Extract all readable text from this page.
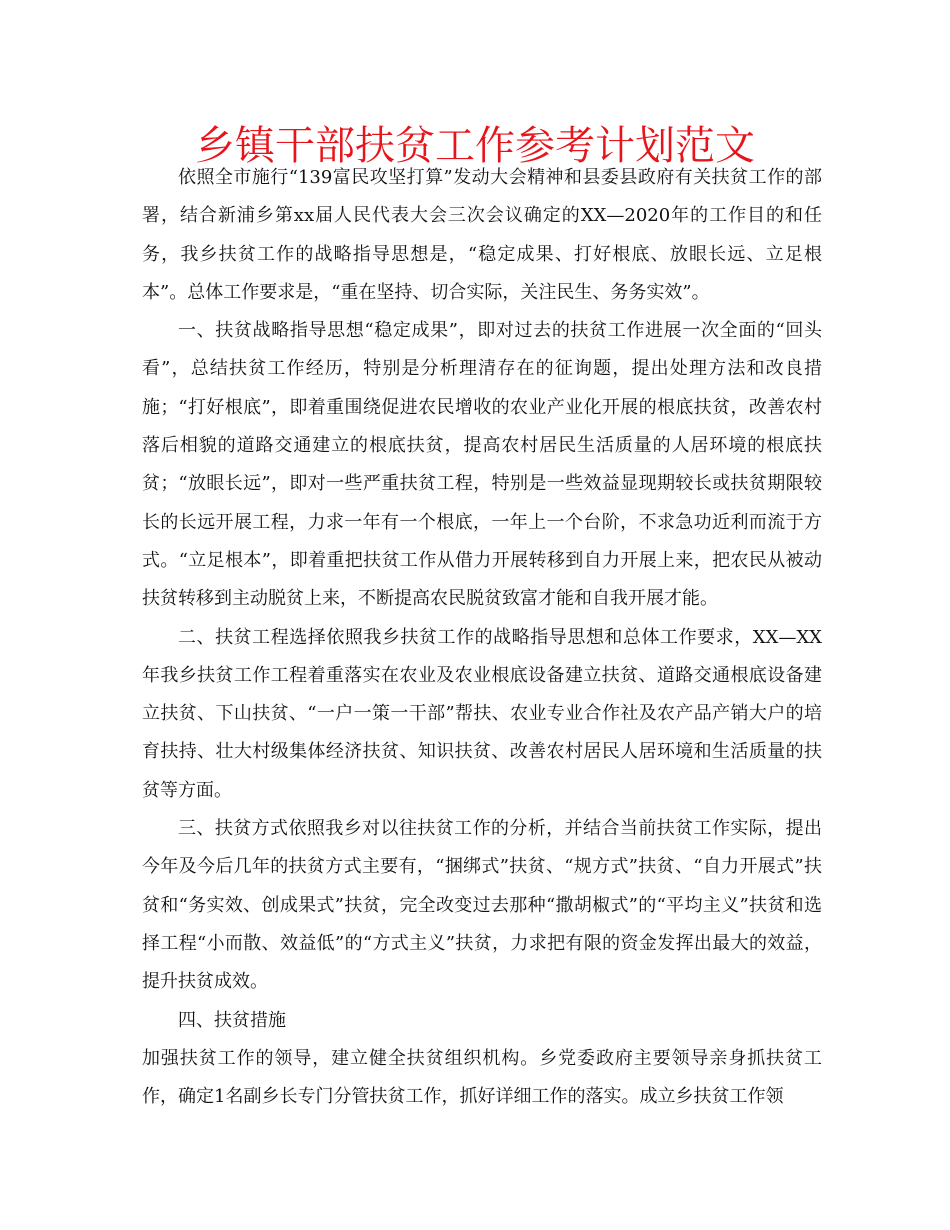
乡镇干部扶贫工作参考计划范文

依照全市施行“139富民攻坚打算”发动大会精神和县委县政府有关扶贫工作的部署，结合新浦乡第xx届人民代表大会三次会议确定的XX—2020年的工作目的和任务，我乡扶贫工作的战略指导思想是，“稳定成果、打好根底、放眼长远、立足根本”。总体工作要求是，“重在坚持、切合实际，关注民生、务务实效”。

一、扶贫战略指导思想“稳定成果”，即对过去的扶贫工作进展一次全面的“回头看”，总结扶贫工作经历，特别是分析理清存在的征询题，提出处理方法和改良措施；“打好根底”，即着重围绕促进农民增收的农业产业化开展的根底扶贫，改善农村落后相貌的道路交通建立的根底扶贫，提高农村居民生活质量的人居环境的根底扶贫；“放眼长远”，即对一些严重扶贫工程，特别是一些效益显现期较长或扶贫期限较长的长远开展工程，力求一年有一个根底，一年上一个台阶，不求急功近利而流于方式。“立足根本”，即着重把扶贫工作从借力开展转移到自力开展上来，把农民从被动扶贫转移到主动脱贫上来，不断提高农民脱贫致富才能和自我开展才能。

二、扶贫工程选择依照我乡扶贫工作的战略指导思想和总体工作要求，XX—XX年我乡扶贫工作工程着重落实在农业及农业根底设备建立扶贫、道路交通根底设备建立扶贫、下山扶贫、“一户一策一干部”帮扶、农业专业合作社及农产品产销大户的培育扶持、壮大村级集体经济扶贫、知识扶贫、改善农村居民人居环境和生活质量的扶贫等方面。

三、扶贫方式依照我乡对以往扶贫工作的分析，并结合当前扶贫工作实际，提出今年及今后几年的扶贫方式主要有，“捆绑式”扶贫、“规方式”扶贫、“自力开展式”扶贫和“务实效、创成果式”扶贫，完全改变过去那种“撒胡椒式”的“平均主义”扶贫和选择工程“小而散、效益低”的“方式主义”扶贫，力求把有限的资金发挥出最大的效益，提升扶贫成效。

四、扶贫措施

加强扶贫工作的领导，建立健全扶贫组织机构。乡党委政府主要领导亲身抓扶贫工作，确定1名副乡长专门分管扶贫工作，抓好详细工作的落实。成立乡扶贫工作领
